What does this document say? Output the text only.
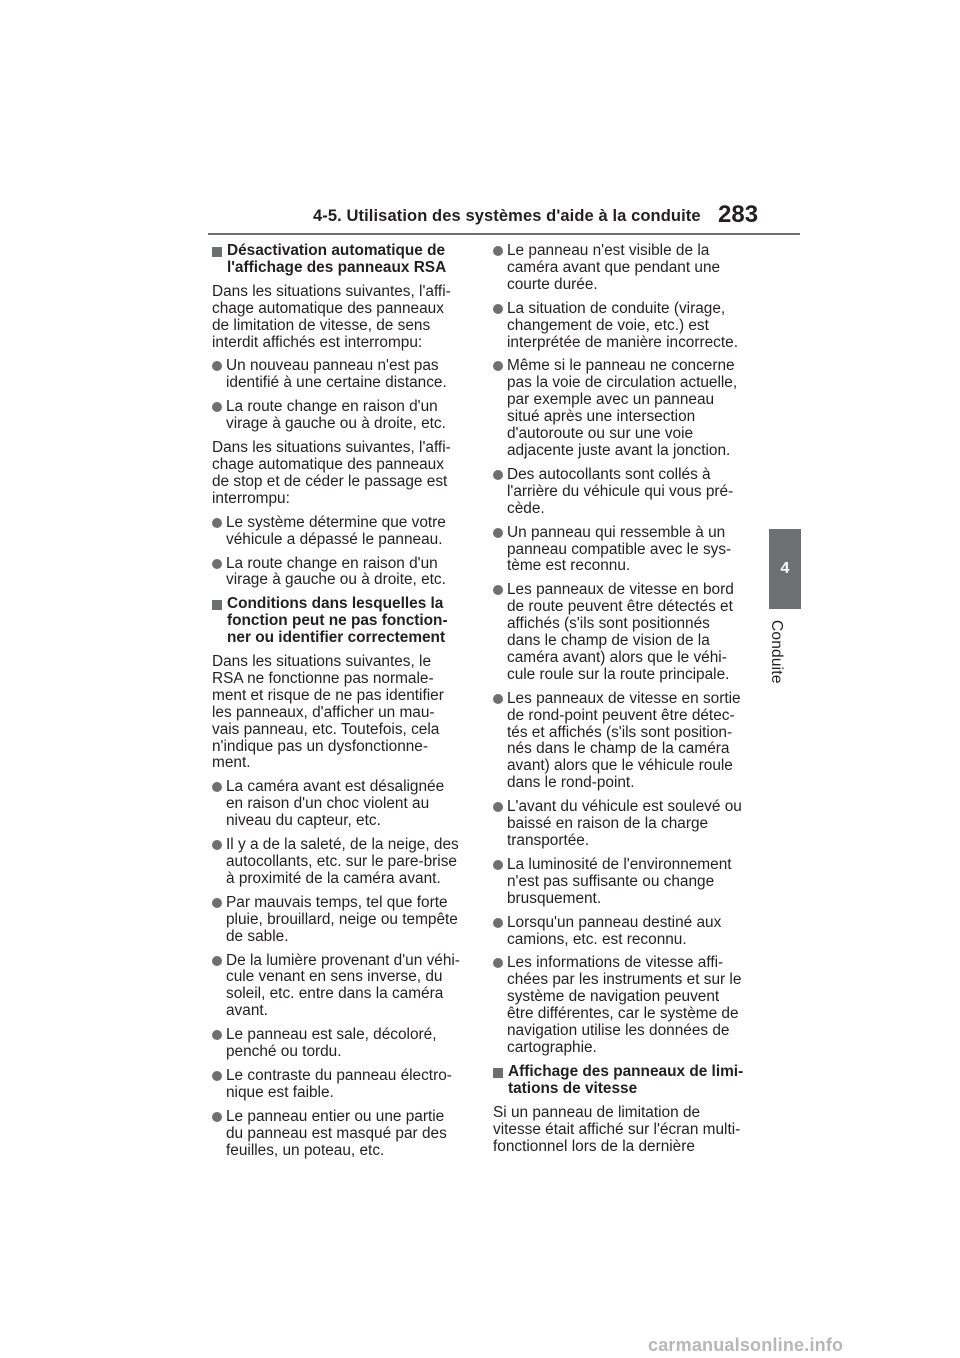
4-5. Utilisation des systèmes d'aide à la conduite 283
4
Conduite
Désactivation automatique de
l'affichage des panneaux RSA
Dans les situations suivantes, l'affi-
chage automatique des panneaux
de limitation de vitesse, de sens
interdit affichés est interrompu:
Un nouveau panneau n'est pas
identifié à une certaine distance.
La route change en raison d'un
virage à gauche ou à droite, etc.
Dans les situations suivantes, l'affi-
chage automatique des panneaux
de stop et de céder le passage est
interrompu:
Le système détermine que votre
véhicule a dépassé le panneau.
La route change en raison d'un
virage à gauche ou à droite, etc.
Conditions dans lesquelles la
fonction peut ne pas fonction-
ner ou identifier correctement
Dans les situations suivantes, le
RSA ne fonctionne pas normale-
ment et risque de ne pas identifier
les panneaux, d'afficher un mau-
vais panneau, etc. Toutefois, cela
n'indique pas un dysfonctionne-
ment.
La caméra avant est désalignée
en raison d'un choc violent au
niveau du capteur, etc.
Il y a de la saleté, de la neige, des
autocollants, etc. sur le pare-brise
à proximité de la caméra avant.
Par mauvais temps, tel que forte
pluie, brouillard, neige ou tempête
de sable.
De la lumière provenant d'un véhi-
cule venant en sens inverse, du
soleil, etc. entre dans la caméra
avant.
Le panneau est sale, décoloré,
penché ou tordu.
Le contraste du panneau électro-
nique est faible.
Le panneau entier ou une partie
du panneau est masqué par des
feuilles, un poteau, etc.
Le panneau n'est visible de la
caméra avant que pendant une
courte durée.
La situation de conduite (virage,
changement de voie, etc.) est
interprétée de manière incorrecte.
Même si le panneau ne concerne
pas la voie de circulation actuelle,
par exemple avec un panneau
situé après une intersection
d'autoroute ou sur une voie
adjacente juste avant la jonction.
Des autocollants sont collés à
l'arrière du véhicule qui vous pré-
cède.
Un panneau qui ressemble à un
panneau compatible avec le sys-
tème est reconnu.
Les panneaux de vitesse en bord
de route peuvent être détectés et
affichés (s'ils sont positionnés
dans le champ de vision de la
caméra avant) alors que le véhi-
cule roule sur la route principale.
Les panneaux de vitesse en sortie
de rond-point peuvent être détec-
tés et affichés (s'ils sont position-
nés dans le champ de la caméra
avant) alors que le véhicule roule
dans le rond-point.
L'avant du véhicule est soulevé ou
baissé en raison de la charge
transportée.
La luminosité de l'environnement
n'est pas suffisante ou change
brusquement.
Lorsqu'un panneau destiné aux
camions, etc. est reconnu.
Les informations de vitesse affi-
chées par les instruments et sur le
système de navigation peuvent
être différentes, car le système de
navigation utilise les données de
cartographie.
Affichage des panneaux de limi-
tations de vitesse
Si un panneau de limitation de
vitesse était affiché sur l'écran multi-
fonctionnel lors de la dernière
carmanualsonline.info
